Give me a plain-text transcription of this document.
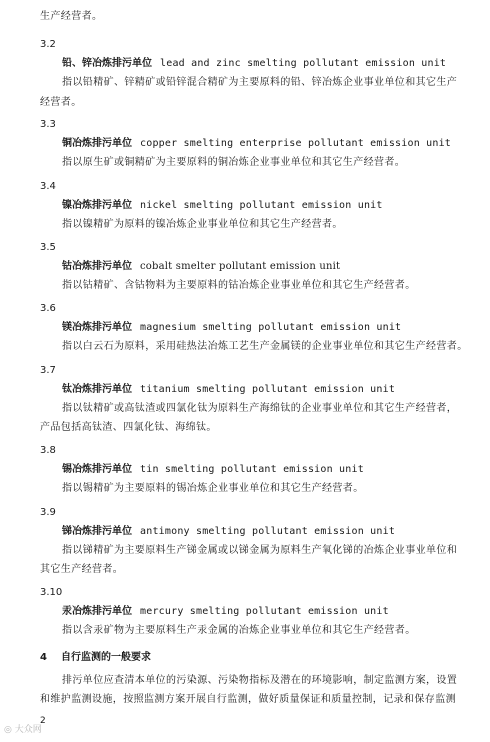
生产经营者。
3.2
铅、锌冶炼排污单位 lead and zinc smelting pollutant emission unit
指以铅精矿、锌精矿或铅锌混合精矿为主要原料的铅、锌冶炼企业事业单位和其它生产
经营者。
3.3
铜冶炼排污单位 copper smelting enterprise pollutant emission unit
指以原生矿或铜精矿为主要原料的铜冶炼企业事业单位和其它生产经营者。
3.4
镍冶炼排污单位 nickel smelting pollutant emission unit
指以镍精矿为原料的镍冶炼企业事业单位和其它生产经营者。
3.5
钴冶炼排污单位 cobalt smelter pollutant emission unit
指以钴精矿、含钴物料为主要原料的钴冶炼企业事业单位和其它生产经营者。
3.6
镁冶炼排污单位 magnesium smelting pollutant emission unit
指以白云石为原料，采用硅热法冶炼工艺生产金属镁的企业事业单位和其它生产经营者。
3.7
钛冶炼排污单位 titanium smelting pollutant emission unit
指以钛精矿或高钛渣或四氯化钛为原料生产海绵钛的企业事业单位和其它生产经营者，
产品包括高钛渣、四氯化钛、海绵钛。
3.8
锡冶炼排污单位 tin smelting pollutant emission unit
指以锡精矿为主要原料的锡冶炼企业事业单位和其它生产经营者。
3.9
锑冶炼排污单位 antimony smelting pollutant emission unit
指以锑精矿为主要原料生产锑金属或以锑金属为原料生产氧化锑的冶炼企业事业单位和
其它生产经营者。
3.10
汞冶炼排污单位 mercury smelting pollutant emission unit
指以含汞矿物为主要原料生产汞金属的冶炼企业事业单位和其它生产经营者。
4 自行监测的一般要求
排污单位应查清本单位的污染源、污染物指标及潜在的环境影响，制定监测方案，设置
和维护监测设施，按照监测方案开展自行监测，做好质量保证和质量控制，记录和保存监测
2
◎ 大众网
